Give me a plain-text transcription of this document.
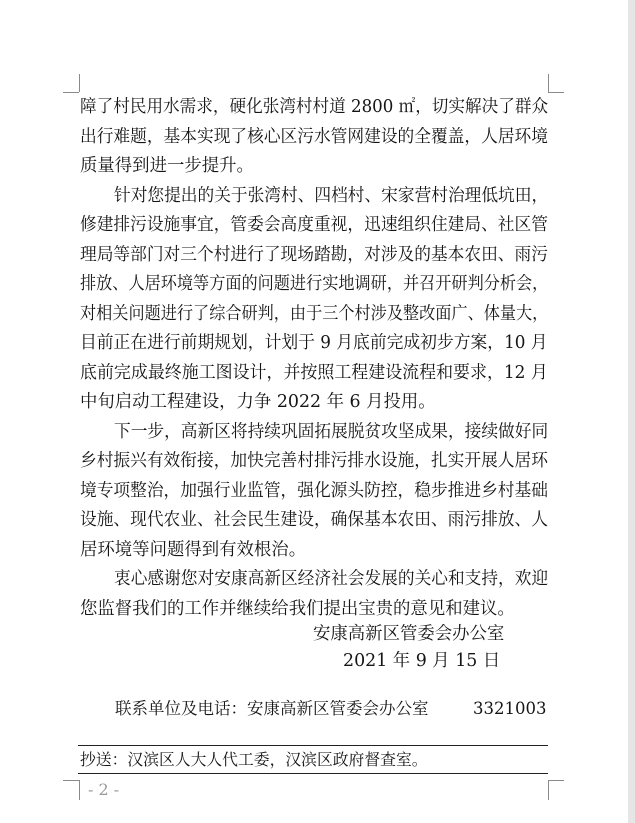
障了村民用水需求，硬化张湾村村道 2800 ㎡，切实解决了群众

出行难题，基本实现了核心区污水管网建设的全覆盖，人居环境

质量得到进一步提升。

针对您提出的关于张湾村、四档村、宋家营村治理低坑田，

修建排污设施事宜，管委会高度重视，迅速组织住建局、社区管

理局等部门对三个村进行了现场踏勘，对涉及的基本农田、雨污

排放、人居环境等方面的问题进行实地调研，并召开研判分析会，

对相关问题进行了综合研判，由于三个村涉及整改面广、体量大，

目前正在进行前期规划，计划于 9 月底前完成初步方案，10 月

底前完成最终施工图设计，并按照工程建设流程和要求，12 月

中旬启动工程建设，力争 2022 年 6 月投用。

下一步，高新区将持续巩固拓展脱贫攻坚成果，接续做好同

乡村振兴有效衔接，加快完善村排污排水设施，扎实开展人居环

境专项整治，加强行业监管，强化源头防控，稳步推进乡村基础

设施、现代农业、社会民生建设，确保基本农田、雨污排放、人

居环境等问题得到有效根治。

衷心感谢您对安康高新区经济社会发展的关心和支持，欢迎

您监督我们的工作并继续给我们提出宝贵的意见和建议。

安康高新区管委会办公室
2021 年 9 月 15 日
联系单位及电话：安康高新区管委会办公室	3321003
抄送：汉滨区人大人代工委，汉滨区政府督查室。
- 2 -
